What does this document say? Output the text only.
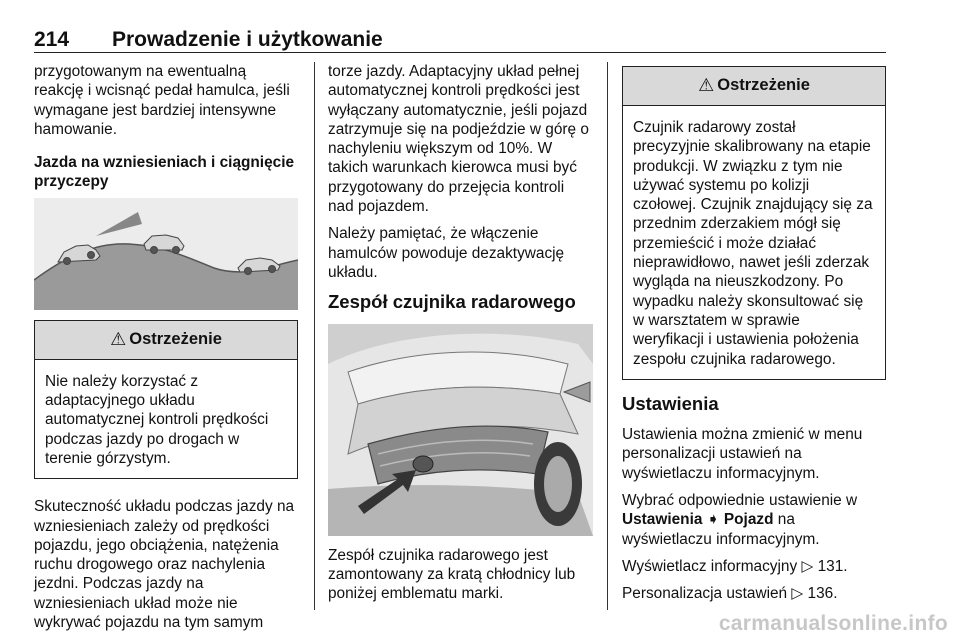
214 Prowadzenie i użytkowanie

przygotowanym na ewentualną reakcję i wcisnąć pedał hamulca, jeśli wymagane jest bardziej intensywne hamowanie.

Jazda na wzniesieniach i ciągnięcie przyczepy
⚠ Ostrzeżenie
Nie należy korzystać z adaptacyjnego układu automatycznej kontroli prędkości podczas jazdy po drogach w terenie górzystym.

Skuteczność układu podczas jazdy na wzniesieniach zależy od prędkości pojazdu, jego obciążenia, natężenia ruchu drogowego oraz nachylenia jezdni. Podczas jazdy na wzniesieniach układ może nie wykrywać pojazdu na tym samym

torze jazdy. Adaptacyjny układ pełnej automatycznej kontroli prędkości jest wyłączany automatycznie, jeśli pojazd zatrzymuje się na podjeździe w górę o nachyleniu większym od 10%. W takich warunkach kierowca musi być przygotowany do przejęcia kontroli nad pojazdem.

Należy pamiętać, że włączenie hamulców powoduje dezaktywację układu.

Zespół czujnika radarowego

Zespół czujnika radarowego jest zamontowany za kratą chłodnicy lub poniżej emblematu marki.

⚠ Ostrzeżenie
Czujnik radarowy został precyzyjnie skalibrowany na etapie produkcji. W związku z tym nie używać systemu po kolizji czołowej. Czujnik znajdujący się za przednim zderzakiem mógł się przemieścić i może działać nieprawidłowo, nawet jeśli zderzak wygląda na nieuszkodzony. Po wypadku należy skonsultować się w warsztatem w sprawie weryfikacji i ustawienia położenia zespołu czujnika radarowego.
Ustawienia

Ustawienia można zmienić w menu personalizacji ustawień na wyświetlaczu informacyjnym.

Wybrać odpowiednie ustawienie w Ustawienia ➧ Pojazd na wyświetlaczu informacyjnym.

Wyświetlacz informacyjny ▷ 131.

Personalizacja ustawień ▷ 136.

carmanualsonline.info
